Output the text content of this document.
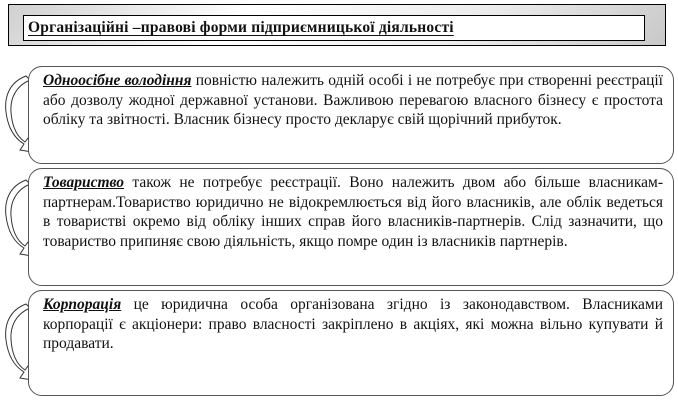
Організаційні –правові форми підприємницької діяльності
Одноосібне володіння повністю належить одній особі і не потребує при створенні реєстрації або дозволу жодної державної установи. Важливою перевагою власного бізнесу є простота обліку та звітності. Власник бізнесу просто декларує свій щорічний прибуток.
Товариство також не потребує реєстрації. Воно належить двом або більше власникам-партнерам.Товариство юридично не відокремлюється від його власників, але облік ведеться в товаристві окремо від обліку інших справ його власників-партнерів. Слід зазначити, що товариство припиняє свою діяльність, якщо помре один із власників партнерів.
Корпорація це юридична особа організована згідно із законодавством. Власниками корпорації є акціонери: право власності закріплено в акціях, які можна вільно купувати й продавати.
